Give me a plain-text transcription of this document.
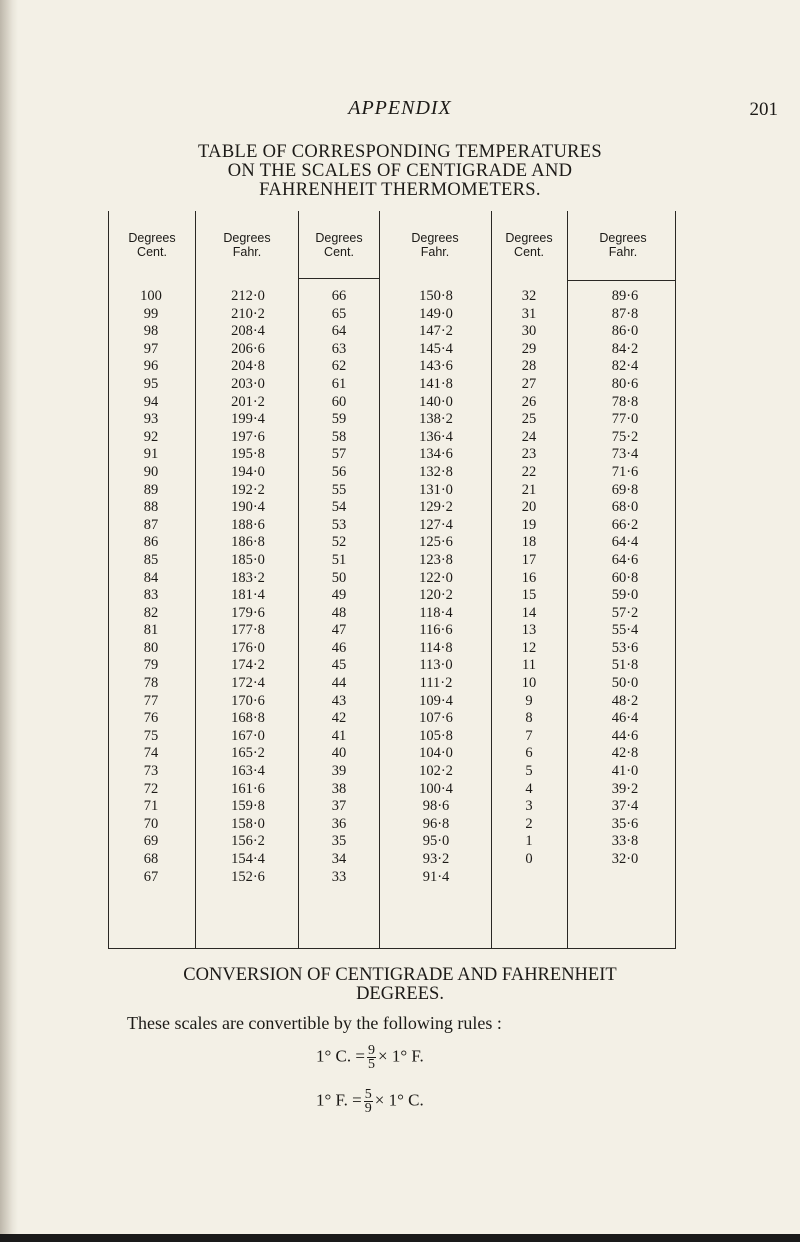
APPENDIX	201
TABLE OF CORRESPONDING TEMPERATURES
ON THE SCALES OF CENTIGRADE AND
FAHRENHEIT THERMOMETERS.
Degrees
Cent.
Degrees
Fahr.
Degrees
Cent.
Degrees
Fahr.
Degrees
Cent.
Degrees
Fahr.
100
99
98
97
96
95
94
93
92
91
90
89
88
87
86
85
84
83
82
81
80
79
78
77
76
75
74
73
72
71
70
69
68
67
212·0
210·2
208·4
206·6
204·8
203·0
201·2
199·4
197·6
195·8
194·0
192·2
190·4
188·6
186·8
185·0
183·2
181·4
179·6
177·8
176·0
174·2
172·4
170·6
168·8
167·0
165·2
163·4
161·6
159·8
158·0
156·2
154·4
152·6
66
65
64
63
62
61
60
59
58
57
56
55
54
53
52
51
50
49
48
47
46
45
44
43
42
41
40
39
38
37
36
35
34
33
150·8
149·0
147·2
145·4
143·6
141·8
140·0
138·2
136·4
134·6
132·8
131·0
129·2
127·4
125·6
123·8
122·0
120·2
118·4
116·6
114·8
113·0
111·2
109·4
107·6
105·8
104·0
102·2
100·4
98·6
96·8
95·0
93·2
91·4
32
31
30
29
28
27
26
25
24
23
22
21
20
19
18
17
16
15
14
13
12
11
10
9
8
7
6
5
4
3
2
1
0
89·6
87·8
86·0
84·2
82·4
80·6
78·8
77·0
75·2
73·4
71·6
69·8
68·0
66·2
64·4
64·6
60·8
59·0
57·2
55·4
53·6
51·8
50·0
48·2
46·4
44·6
42·8
41·0
39·2
37·4
35·6
33·8
32·0
CONVERSION OF CENTIGRADE AND FAHRENHEIT
DEGREES.
These scales are convertible by the following rules :
1° C. = $\frac{9}{5} \times 1^\circ$ F.
1° F. = $\frac{5}{9} \times 1^\circ$ C.
